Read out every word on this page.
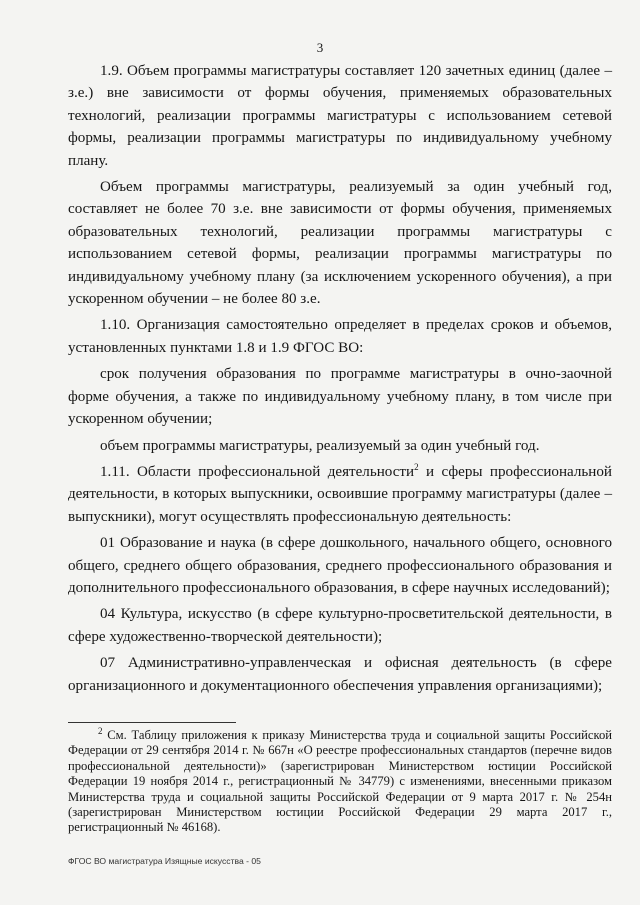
3

1.9. Объем программы магистратуры составляет 120 зачетных единиц (далее – з.е.) вне зависимости от формы обучения, применяемых образовательных технологий, реализации программы магистратуры с использованием сетевой формы, реализации программы магистратуры по индивидуальному учебному плану.

Объем программы магистратуры, реализуемый за один учебный год, составляет не более 70 з.е. вне зависимости от формы обучения, применяемых образовательных технологий, реализации программы магистратуры с использованием сетевой формы, реализации программы магистратуры по индивидуальному учебному плану (за исключением ускоренного обучения), а при ускоренном обучении – не более 80 з.е.

1.10. Организация самостоятельно определяет в пределах сроков и объемов, установленных пунктами 1.8 и 1.9 ФГОС ВО:

срок получения образования по программе магистратуры в очно-заочной форме обучения, а также по индивидуальному учебному плану, в том числе при ускоренном обучении;

объем программы магистратуры, реализуемый за один учебный год.

1.11. Области профессиональной деятельности$^2$ и сферы профессиональной деятельности, в которых выпускники, освоившие программу магистратуры (далее – выпускники), могут осуществлять профессиональную деятельность:

01 Образование и наука (в сфере дошкольного, начального общего, основного общего, среднего общего образования, среднего профессионального образования и дополнительного профессионального образования, в сфере научных исследований);

04 Культура, искусство (в сфере культурно-просветительской деятельности, в сфере художественно-творческой деятельности);

07 Административно-управленческая и офисная деятельность (в сфере организационного и документационного обеспечения управления организациями);

$^2$ См. Таблицу приложения к приказу Министерства труда и социальной защиты Российской Федерации от 29 сентября 2014 г. № 667н «О реестре профессиональных стандартов (перечне видов профессиональной деятельности)» (зарегистрирован Министерством юстиции Российской Федерации 19 ноября 2014 г., регистрационный № 34779) с изменениями, внесенными приказом Министерства труда и социальной защиты Российской Федерации от 9 марта 2017 г. № 254н (зарегистрирован Министерством юстиции Российской Федерации 29 марта 2017 г., регистрационный № 46168).

ФГОС ВО магистратура Изящные искусства - 05
